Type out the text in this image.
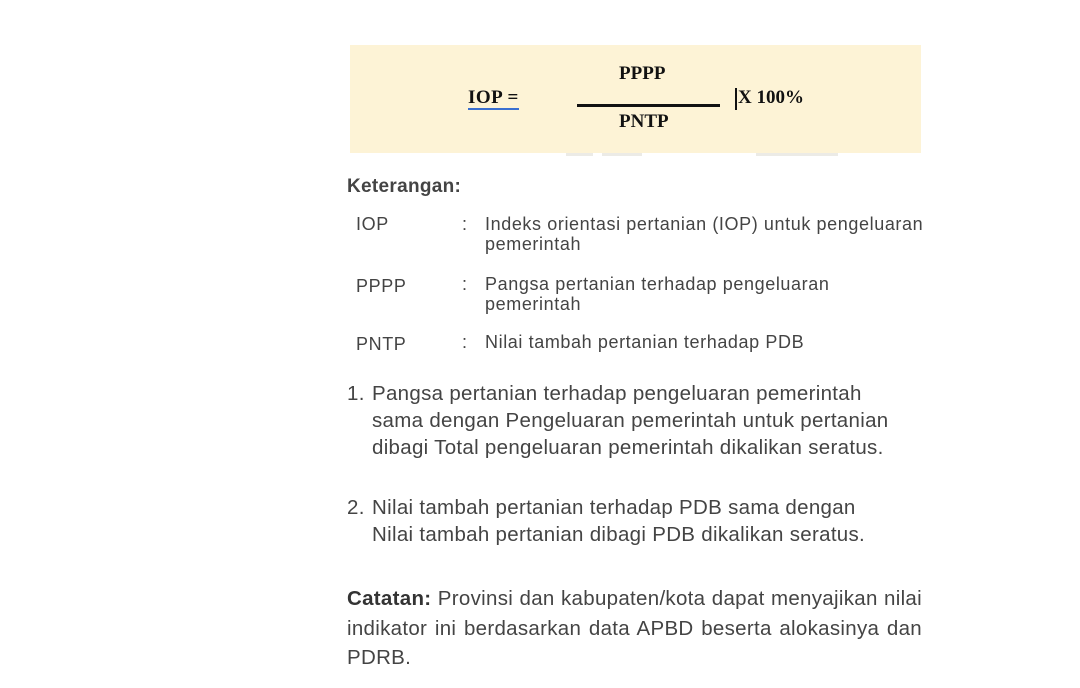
IOP =
PPPP
PNTP
X 100%
Keterangan:
IOP	: Indeks orientasi pertanian (IOP) untuk pengeluaran pemerintah
PPPP	: Pangsa pertanian terhadap pengeluaran pemerintah
PNTP	: Nilai tambah pertanian terhadap PDB
1. Pangsa pertanian terhadap pengeluaran pemerintah sama dengan Pengeluaran pemerintah untuk pertanian dibagi Total pengeluaran pemerintah dikalikan seratus.
2. Nilai tambah pertanian terhadap PDB sama dengan Nilai tambah pertanian dibagi PDB dikalikan seratus.
Catatan: Provinsi dan kabupaten/kota dapat menyajikan nilai indikator ini berdasarkan data APBD beserta alokasinya dan PDRB.
